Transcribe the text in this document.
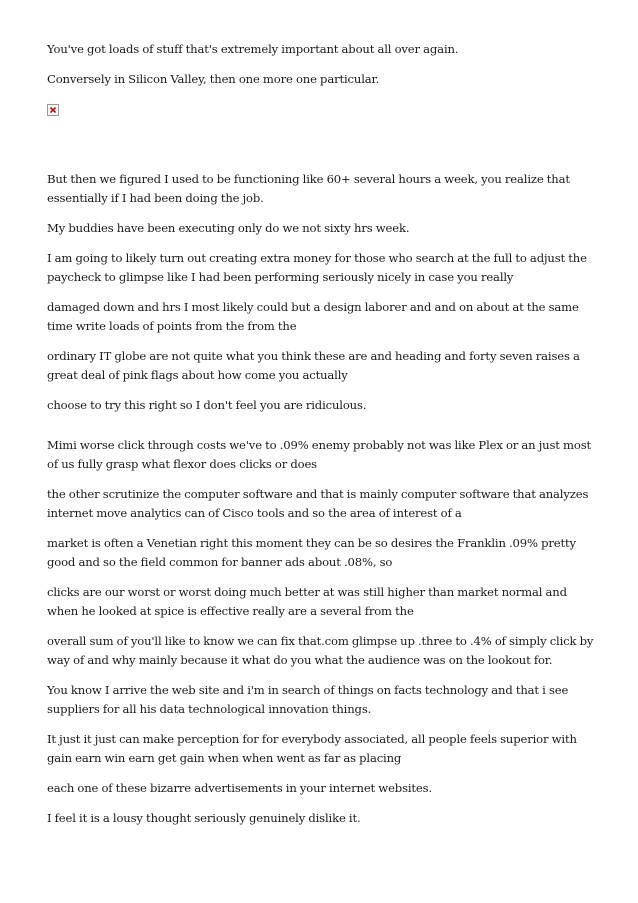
You've got loads of stuff that's extremely important about all over again.

Conversely in Silicon Valley, then one more one particular.

But then we figured I used to be functioning like 60+ several hours a week, you realize that essentially if I had been doing the job.

My buddies have been executing only do we not sixty hrs week.

I am going to likely turn out creating extra money for those who search at the full to adjust the paycheck to glimpse like I had been performing seriously nicely in case you really

damaged down and hrs I most likely could but a design laborer and and on about at the same time write loads of points from the from the

ordinary IT globe are not quite what you think these are and heading and forty seven raises a great deal of pink flags about how come you actually

choose to try this right so I don't feel you are ridiculous.

Mimi worse click through costs we've to .09% enemy probably not was like Plex or an just most of us fully grasp what flexor does clicks or does

the other scrutinize the computer software and that is mainly computer software that analyzes internet move analytics can of Cisco tools and so the area of interest of a

market is often a Venetian right this moment they can be so desires the Franklin .09% pretty good and so the field common for banner ads about .08%, so

clicks are our worst or worst doing much better at was still higher than market normal and when he looked at spice is effective really are a several from the

overall sum of you'll like to know we can fix that.com glimpse up .three to .4% of simply click by way of and why mainly because it what do you what the audience was on the lookout for.

You know I arrive the web site and i'm in search of things on facts technology and that i see suppliers for all his data technological innovation things.

It just it just can make perception for for everybody associated, all people feels superior with gain earn win earn get gain when when went as far as placing

each one of these bizarre advertisements in your internet websites.

I feel it is a lousy thought seriously genuinely dislike it.
